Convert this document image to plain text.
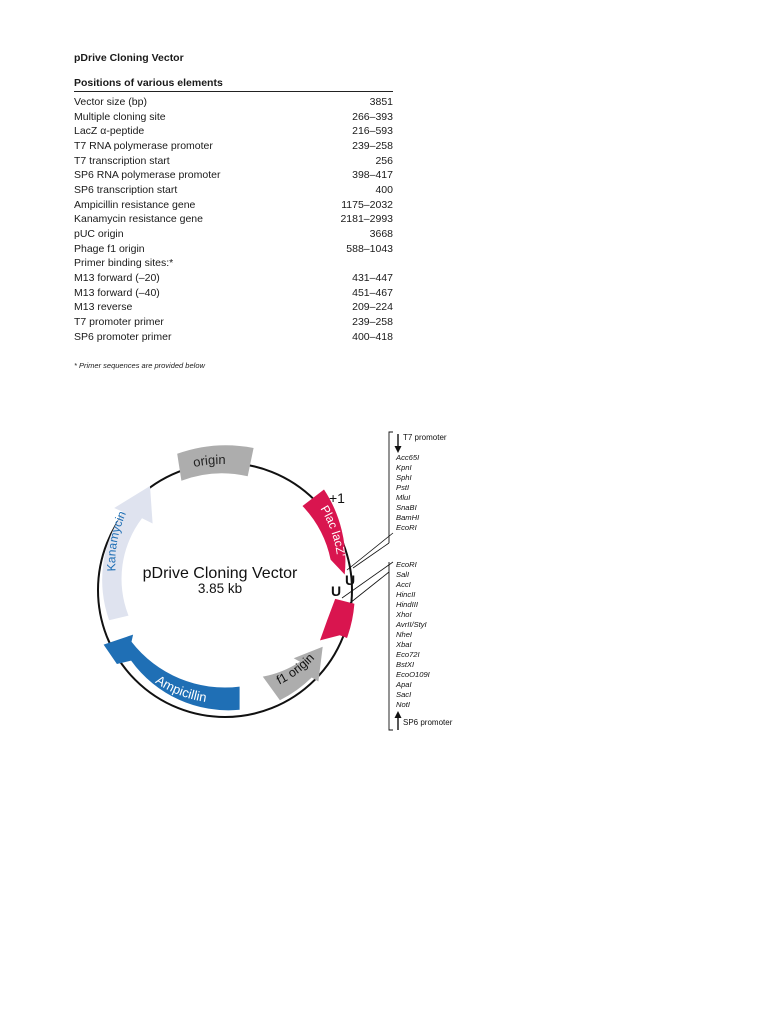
pDrive Cloning Vector
Positions of various elements
Vector size (bp)	3851
Multiple cloning site	266–393
LacZ α-peptide	216–593
T7 RNA polymerase promoter	239–258
T7 transcription start	256
SP6 RNA polymerase promoter	398–417
SP6 transcription start	400
Ampicillin resistance gene	1175–2032
Kanamycin resistance gene	2181–2993
pUC origin	3668
Phage f1 origin	588–1043
Primer binding sites:*
M13 forward (–20)	431–447
M13 forward (–40)	451–467
M13 reverse	209–224
T7 promoter primer	239–258
SP6 promoter primer	400–418
* Primer sequences are provided below
origin
Kanamycin
Ampicillin
f1 origin
Plac lacZ'
+1
U
U
pDrive Cloning Vector
3.85 kb
T7 promoter
SP6 promoter
Acc65I
KpnI
SphI
PstI
MluI
SnaBI
BamHI
EcoRI
EcoRI
SalI
AccI
HincII
HindIII
XhoI
AvrII/StyI
NheI
XbaI
Eco72I
BstXI
EcoO109I
ApaI
SacI
NotI
